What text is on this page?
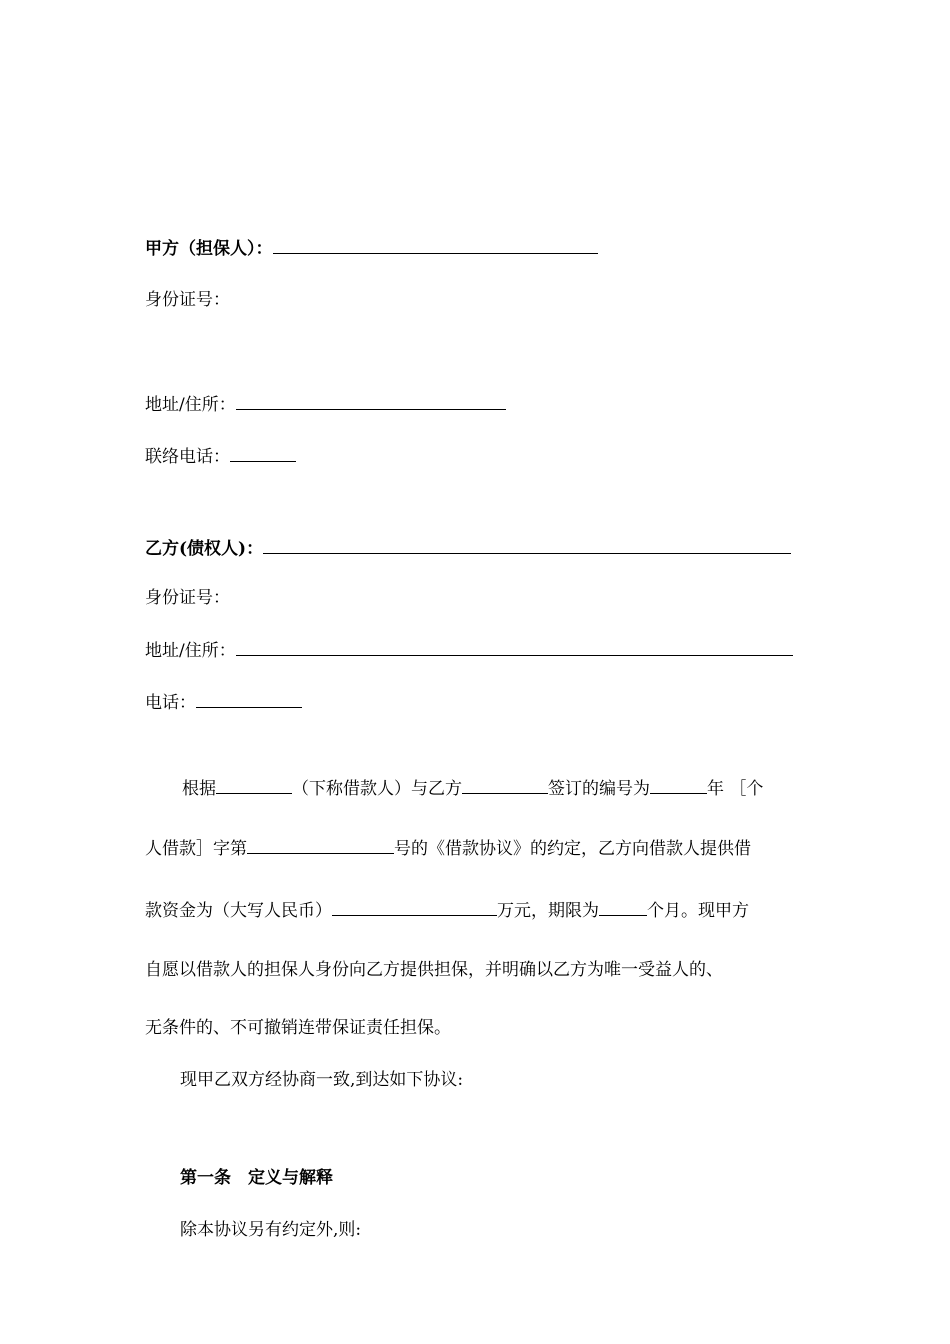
甲方（担保人）：
身份证号：
地址/住所：
联络电话：
乙方(债权人)：
身份证号：
地址/住所：
电话：
根据	（下称借款人）与乙方	签订的编号为	年 ［个
人借款］字第	号的《借款协议》的约定，乙方向借款人提供借
款资金为（大写人民币）	万元，期限为	个月。现甲方
自愿以借款人的担保人身份向乙方提供担保，并明确以乙方为唯一受益人的、
无条件的、不可撤销连带保证责任担保。
现甲乙双方经协商一致,到达如下协议:
第一条　定义与解释
除本协议另有约定外,则:
